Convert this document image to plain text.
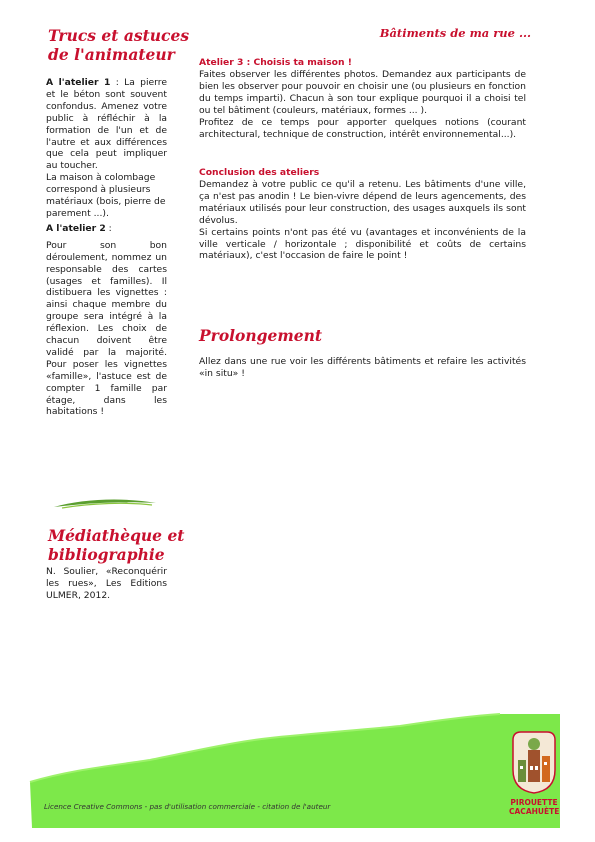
Bâtiments de ma rue ...
Trucs et astuces
de l'animateur

A l'atelier 1 : La pierre et le béton sont souvent confondus. Amenez votre public à réfléchir à la formation de l'un et de l'autre et aux différences que cela peut impliquer au toucher.

La maison à colombage correspond à plusieurs matériaux (bois, pierre de parement ...).

A l'atelier 2 :

Pour son bon déroulement, nommez un responsable des cartes (usages et familles). Il distibuera les vignettes : ainsi chaque membre du groupe sera intégré à la réflexion. Les choix de chacun doivent être validé par la majorité. Pour poser les vignettes «famille», l'astuce est de compter 1 famille par étage, dans les habitations !

Médiathèque et
bibliographie
N. Soulier, «Reconquérir les rues», Les Editions ULMER, 2012.
Atelier 3 : Choisis ta maison !

Faites observer les différentes photos. Demandez aux participants de bien les observer pour pouvoir en choisir une (ou plusieurs en fonction du temps imparti). Chacun à son tour explique pourquoi il a choisi tel ou tel bâtiment (couleurs, matériaux, formes ... ).

Profitez de ce temps pour apporter quelques notions (courant architectural, technique de construction, intérêt environnemental...).

Conclusion des ateliers

Demandez à votre public ce qu'il a retenu. Les bâtiments d'une ville, ça n'est pas anodin ! Le bien-vivre dépend de leurs agencements, des matériaux utilisés pour leur construction, des usages auxquels ils sont dévolus.

Si certains points n'ont pas été vu (avantages et inconvénients de la ville verticale / horizontale ; disponibilité et coûts de certains matériaux), c'est l'occasion de faire le point !

Prolongement
Allez dans une rue voir les différents bâtiments et refaire les activités «in situ» !
Licence Creative Commons - pas d'utilisation commerciale - citation de l'auteur	PIROUETTE
CACAHUÈTE
